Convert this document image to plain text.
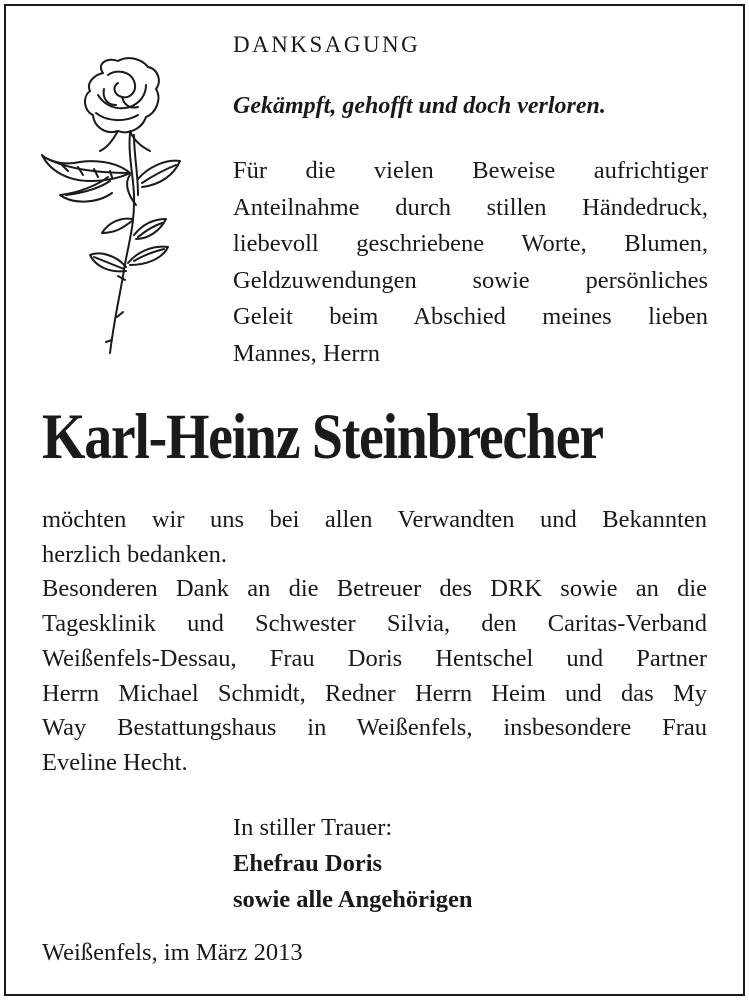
DANKSAGUNG
Gekämpft, gehofft und doch verloren.
Für die vielen Beweise aufrichtiger
Anteilnahme durch stillen Händedruck,
liebevoll geschriebene Worte, Blumen,
Geldzuwendungen sowie persönliches
Geleit beim Abschied meines lieben
Mannes, Herrn
Karl-Heinz Steinbrecher
möchten wir uns bei allen Verwandten und Bekannten
herzlich bedanken.
Besonderen Dank an die Betreuer des DRK sowie an die
Tagesklinik und Schwester Silvia, den Caritas-Verband
Weißenfels-Dessau, Frau Doris Hentschel und Partner
Herrn Michael Schmidt, Redner Herrn Heim und das My
Way Bestattungshaus in Weißenfels, insbesondere Frau
Eveline Hecht.
In stiller Trauer:
Ehefrau Doris
sowie alle Angehörigen
Weißenfels, im März 2013
